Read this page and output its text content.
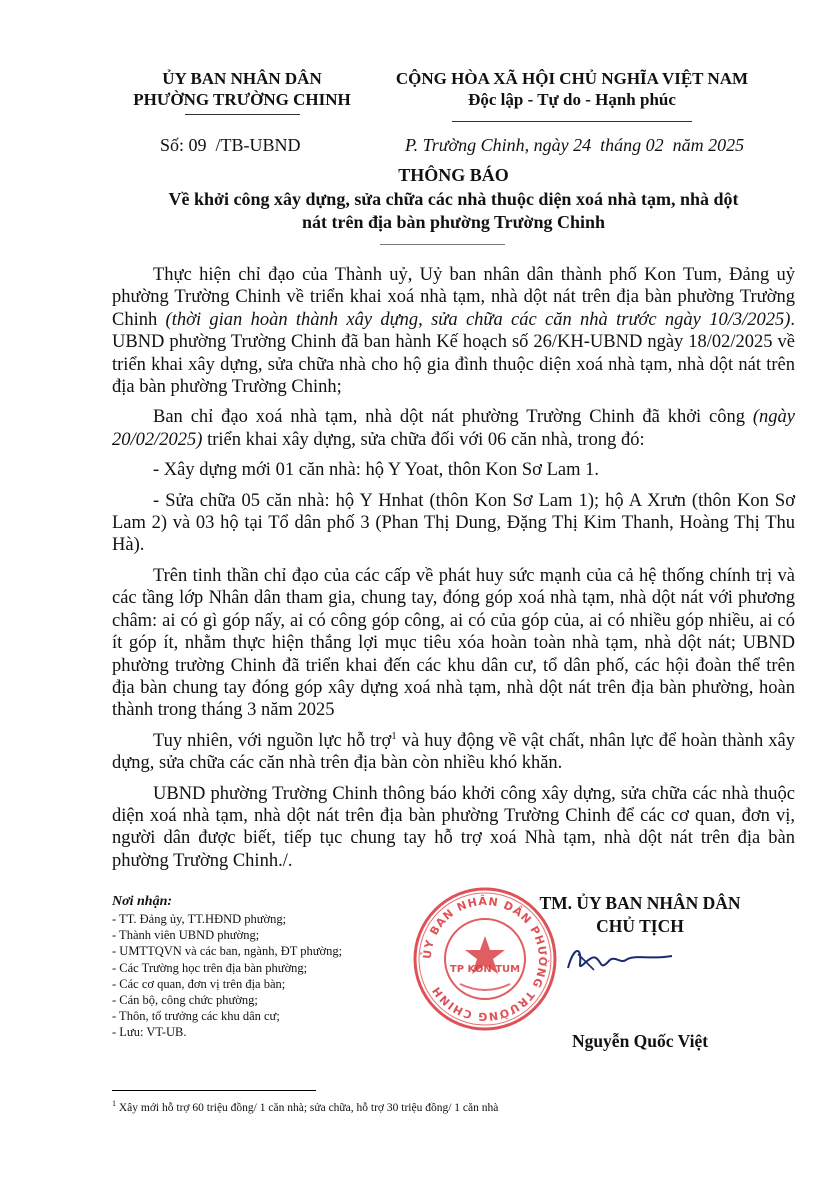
ỦY BAN NHÂN DÂN
PHƯỜNG TRƯỜNG CHINH
CỘNG HÒA XÃ HỘI CHỦ NGHĨA VIỆT NAM
Độc lập - Tự do - Hạnh phúc
Số: 09  /TB-UBND	P. Trường Chinh, ngày 24  tháng 02  năm 2025
THÔNG BÁO
Về khởi công xây dựng, sửa chữa các nhà thuộc diện xoá nhà tạm, nhà dột
nát trên địa bàn phường Trường Chinh

Thực hiện chỉ đạo của Thành uỷ, Uỷ ban nhân dân thành phố Kon Tum, Đảng uỷ phường Trường Chinh về triển khai xoá nhà tạm, nhà dột nát trên địa bàn phường Trường Chinh (thời gian hoàn thành xây dựng, sửa chữa các căn nhà trước ngày 10/3/2025). UBND phường Trường Chinh đã ban hành Kế hoạch số 26/KH-UBND ngày 18/02/2025 về triển khai xây dựng, sửa chữa nhà cho hộ gia đình thuộc diện xoá nhà tạm, nhà dột nát trên địa bàn phường Trường Chinh;

Ban chỉ đạo xoá nhà tạm, nhà dột nát phường Trường Chinh đã khởi công (ngày 20/02/2025) triển khai xây dựng, sửa chữa đối với 06 căn nhà, trong đó:

- Xây dựng mới 01 căn nhà: hộ Y Yoat, thôn Kon Sơ Lam 1.

- Sửa chữa 05 căn nhà: hộ Y Hnhat (thôn Kon Sơ Lam 1); hộ A Xrưn (thôn Kon Sơ Lam 2) và 03 hộ tại Tổ dân phố 3 (Phan Thị Dung, Đặng Thị Kim Thanh, Hoàng Thị Thu Hà).

Trên tinh thần chỉ đạo của các cấp về phát huy sức mạnh của cả hệ thống chính trị và các tầng lớp Nhân dân tham gia, chung tay, đóng góp xoá nhà tạm, nhà dột nát với phương châm: ai có gì góp nấy, ai có công góp công, ai có của góp của, ai có nhiều góp nhiều, ai có ít góp ít, nhằm thực hiện thắng lợi mục tiêu xóa hoàn toàn nhà tạm, nhà dột nát; UBND phường trường Chinh đã triển khai đến các khu dân cư, tổ dân phố, các hội đoàn thể trên địa bàn chung tay đóng góp xây dựng xoá nhà tạm, nhà dột nát trên địa bàn phường, hoàn thành trong tháng 3 năm 2025

Tuy nhiên, với nguồn lực hỗ trợ$^1$ và huy động về vật chất, nhân lực để hoàn thành xây dựng, sửa chữa các căn nhà trên địa bàn còn nhiều khó khăn.

UBND phường Trường Chinh thông báo khởi công xây dựng, sửa chữa các nhà thuộc diện xoá nhà tạm, nhà dột nát trên địa bàn phường Trường Chinh để các cơ quan, đơn vị, người dân được biết, tiếp tục chung tay hỗ trợ xoá Nhà tạm, nhà dột nát trên địa bàn phường Trường Chinh./.

Nơi nhận:
- TT. Đảng ủy, TT.HĐND phường;
- Thành viên UBND phường;
- UMTTQVN và các ban, ngành, ĐT phường;
- Các Trường học trên địa bàn phường;
- Các cơ quan, đơn vị trên địa bàn;
- Cán bộ, công chức phường;
- Thôn, tổ trưởng các khu dân cư;
- Lưu: VT-UB.
ỦY BAN NHÂN DÂN PHƯỜNG TRƯỜNG CHINH
TP KON TUM
TM. ỦY BAN NHÂN DÂN
CHỦ TỊCH
Nguyễn Quốc Việt
$^1$ Xây mới hỗ trợ 60 triệu đồng/ 1 căn nhà; sửa chữa, hỗ trợ 30 triệu đồng/ 1 căn nhà
